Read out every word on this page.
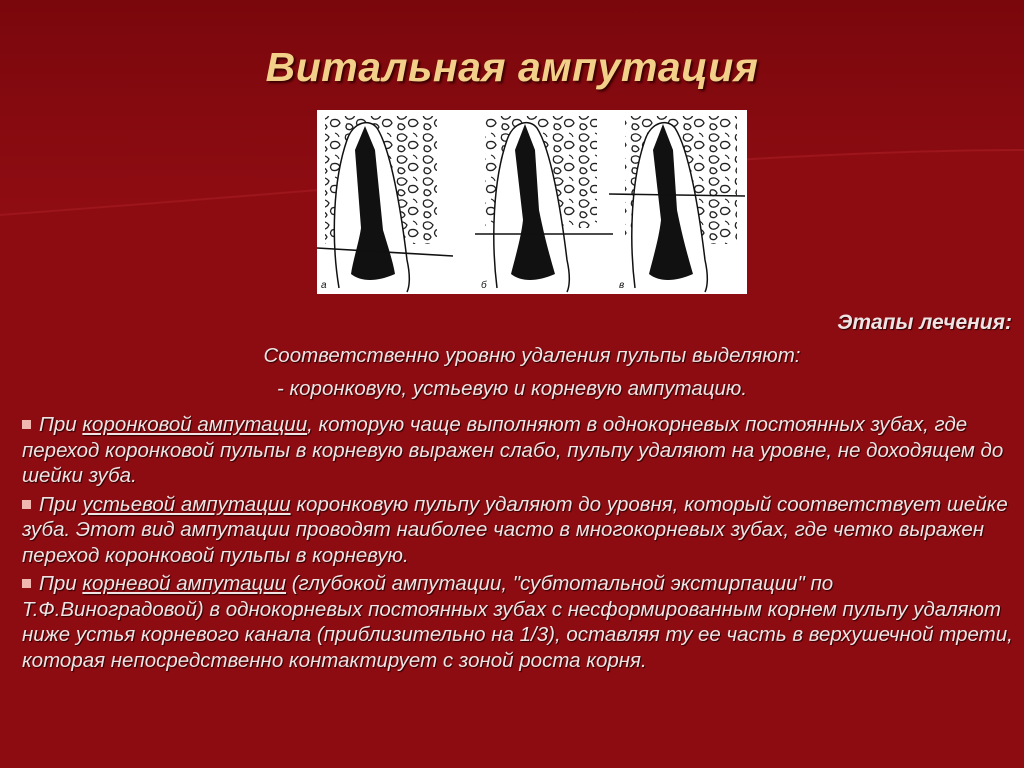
Витальная ампутация
а	б	в
Этапы лечения:
Соответственно уровню удаления пульпы выделяют:
- коронковую, устьевую и корневую ампутацию.
При коронковой ампутации, которую чаще выполняют в однокорневых постоянных зубах, где переход коронковой пульпы в корневую выражен слабо, пульпу удаляют на уровне, не доходящем до шейки зуба.
При устьевой ампутации коронковую пульпу удаляют до уровня, который соответствует шейке зуба. Этот вид ампутации проводят наиболее часто в многокорневых зубах, где четко выражен переход коронковой пульпы в корневую.
При корневой ампутации (глубокой ампутации, "субтотальной экстирпации" по Т.Ф.Виноградовой) в однокорневых постоянных зубах с несформированным корнем пульпу удаляют ниже устья корневого канала (приблизительно на 1/3), оставляя ту ее часть в верхушечной трети, которая непосредственно контактирует с зоной роста корня.
